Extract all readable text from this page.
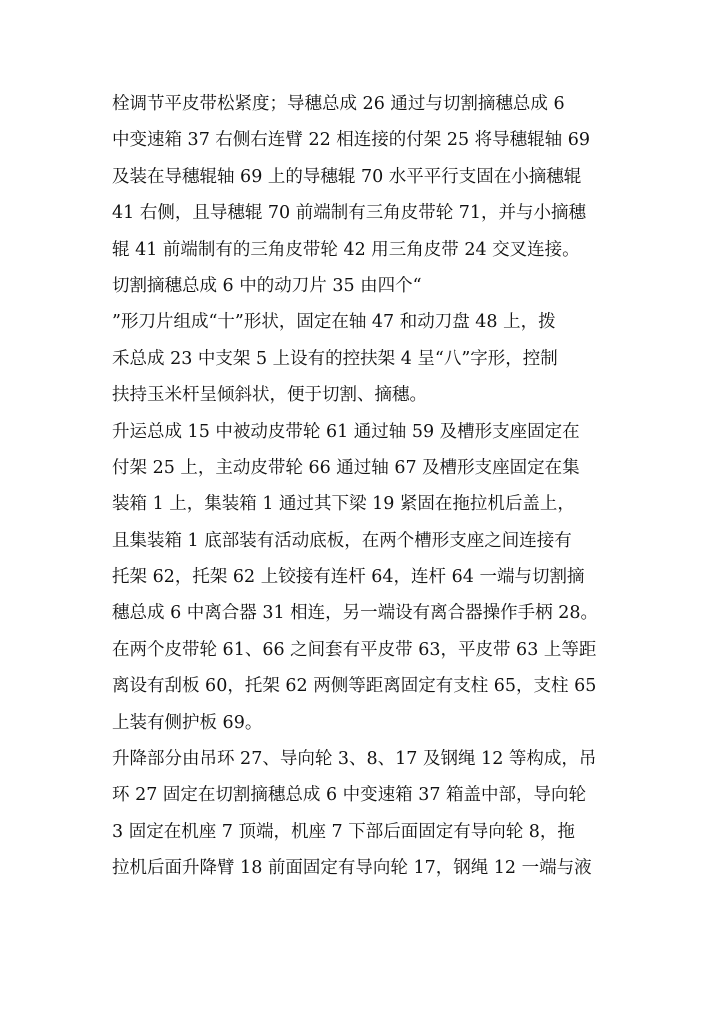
栓调节平皮带松紧度；导穗总成 26 通过与切割摘穗总成 6
中变速箱 37 右侧右连臂 22 相连接的付架 25 将导穗辊轴 69
及装在导穗辊轴 69 上的导穗辊 70 水平平行支固在小摘穗辊
41 右侧，且导穗辊 70 前端制有三角皮带轮 71，并与小摘穗
辊 41 前端制有的三角皮带轮 42 用三角皮带 24 交叉连接。
切割摘穗总成 6 中的动刀片 35 由四个“
”形刀片组成“十”形状，固定在轴 47 和动刀盘 48 上，拨
禾总成 23 中支架 5 上设有的控扶架 4 呈“八”字形，控制
扶持玉米杆呈倾斜状，便于切割、摘穗。
升运总成 15 中被动皮带轮 61 通过轴 59 及槽形支座固定在
付架 25 上，主动皮带轮 66 通过轴 67 及槽形支座固定在集
装箱 1 上，集装箱 1 通过其下梁 19 紧固在拖拉机后盖上，
且集装箱 1 底部装有活动底板，在两个槽形支座之间连接有
托架 62，托架 62 上铰接有连杆 64，连杆 64 一端与切割摘
穗总成 6 中离合器 31 相连，另一端设有离合器操作手柄 28。
在两个皮带轮 61、66 之间套有平皮带 63，平皮带 63 上等距
离设有刮板 60，托架 62 两侧等距离固定有支柱 65，支柱 65
上装有侧护板 69。
升降部分由吊环 27、导向轮 3、8、17 及钢绳 12 等构成，吊
环 27 固定在切割摘穗总成 6 中变速箱 37 箱盖中部，导向轮
3 固定在机座 7 顶端，机座 7 下部后面固定有导向轮 8，拖
拉机后面升降臂 18 前面固定有导向轮 17，钢绳 12 一端与液
